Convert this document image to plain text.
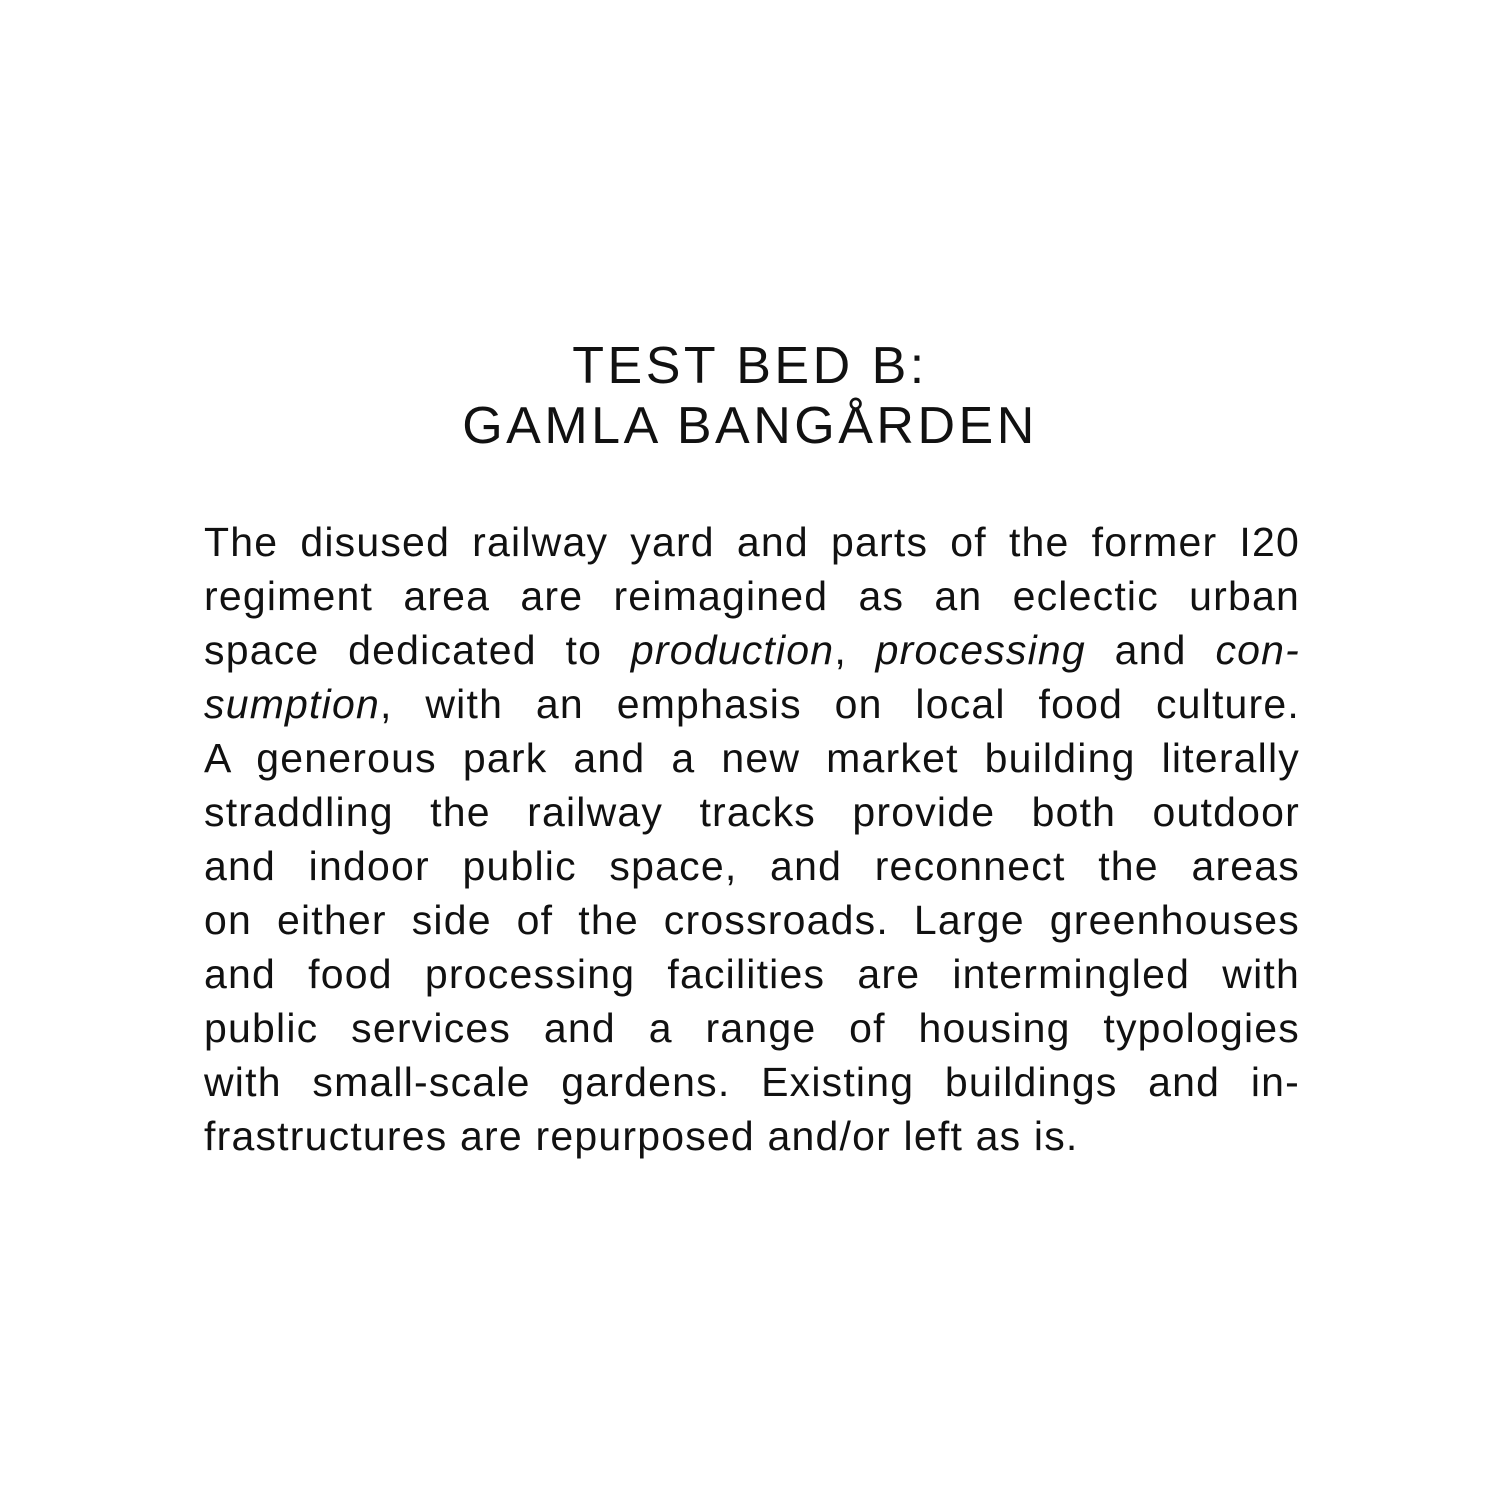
TEST BED B:
GAMLA BANGÅRDEN
The disused railway yard and parts of the former I20
regiment area are reimagined as an eclectic urban
space dedicated to production, processing and con-
sumption, with an emphasis on local food culture.
A generous park and a new market building literally
straddling the railway tracks provide both outdoor
and indoor public space, and reconnect the areas
on either side of the crossroads. Large greenhouses
and food processing facilities are intermingled with
public services and a range of housing typologies
with small-scale gardens. Existing buildings and in-
frastructures are repurposed and/or left as is.
